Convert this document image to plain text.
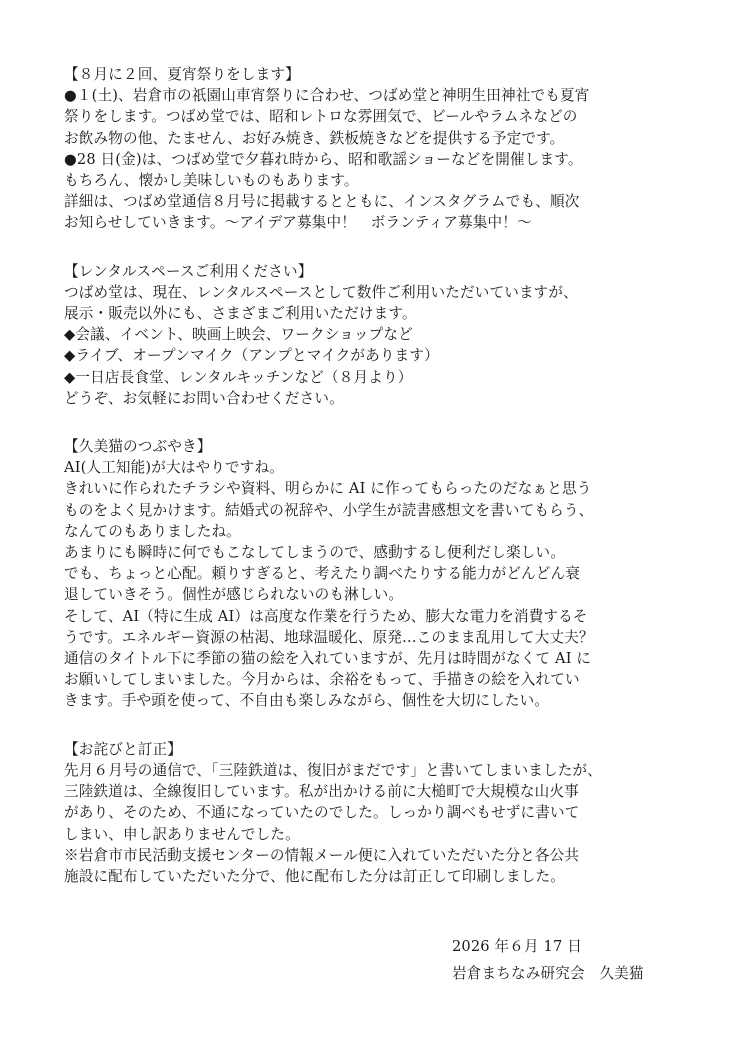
【８月に２回、夏宵祭りをします】
●１(土)、岩倉市の祇園山車宵祭りに合わせ、つばめ堂と神明生田神社でも夏宵
祭りをします。つばめ堂では、昭和レトロな雰囲気で、ビールやラムネなどの
お飲み物の他、たません、お好み焼き、鉄板焼きなどを提供する予定です。
●28 日(金)は、つばめ堂で夕暮れ時から、昭和歌謡ショーなどを開催します。
もちろん、懐かし美味しいものもあります。
詳細は、つばめ堂通信８月号に掲載するとともに、インスタグラムでも、順次
お知らせしていきます。〜アイデア募集中！　ボランティア募集中！〜
【レンタルスペースご利用ください】
つばめ堂は、現在、レンタルスペースとして数件ご利用いただいていますが、
展示・販売以外にも、さまざまご利用いただけます。
◆会議、イベント、映画上映会、ワークショップなど
◆ライブ、オープンマイク（アンプとマイクがあります）
◆一日店長食堂、レンタルキッチンなど（８月より）
どうぞ、お気軽にお問い合わせください。
【久美猫のつぶやき】
AI(人工知能)が大はやりですね。
きれいに作られたチラシや資料、明らかに AI に作ってもらったのだなぁと思う
ものをよく見かけます。結婚式の祝辞や、小学生が読書感想文を書いてもらう、
なんてのもありましたね。
あまりにも瞬時に何でもこなしてしまうので、感動するし便利だし楽しい。
でも、ちょっと心配。頼りすぎると、考えたり調べたりする能力がどんどん衰
退していきそう。個性が感じられないのも淋しい。
そして、AI（特に生成 AI）は高度な作業を行うため、膨大な電力を消費するそ
うです。エネルギー資源の枯渇、地球温暖化、原発…このまま乱用して大丈夫？
通信のタイトル下に季節の猫の絵を入れていますが、先月は時間がなくて AI に
お願いしてしまいました。今月からは、余裕をもって、手描きの絵を入れてい
きます。手や頭を使って、不自由も楽しみながら、個性を大切にしたい。
【お詫びと訂正】
先月６月号の通信で、「三陸鉄道は、復旧がまだです」と書いてしまいましたが、
三陸鉄道は、全線復旧しています。私が出かける前に大槌町で大規模な山火事
があり、そのため、不通になっていたのでした。しっかり調べもせずに書いて
しまい、申し訳ありませんでした。
※岩倉市市民活動支援センターの情報メール便に入れていただいた分と各公共
施設に配布していただいた分で、他に配布した分は訂正して印刷しました。
2026 年６月 17 日
岩倉まちなみ研究会　久美猫
